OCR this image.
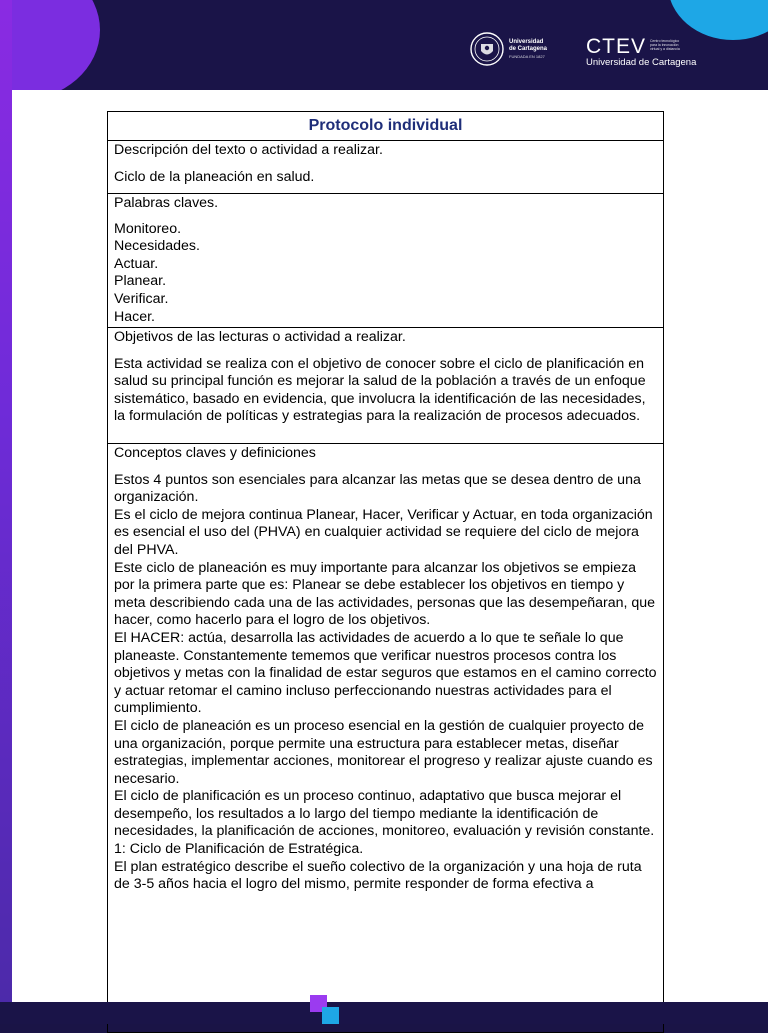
Universidad
de Cartagena
FUNDADA EN 1827 CTEV Centro tecnológico para la innovación virtual y a distancia
Universidad de Cartagena
Protocolo individual

Descripción del texto o actividad a realizar.
Ciclo de la planeación en salud.

Palabras claves.
Monitoreo.
Necesidades.
Actuar.
Planear.
Verificar.
Hacer.

Objetivos de las lecturas o actividad a realizar.
Esta actividad se realiza con el objetivo de conocer sobre el ciclo de planificación en salud su principal función es mejorar la salud de la población a través de un enfoque sistemático, basado en evidencia, que involucra la identificación de las necesidades, la formulación de políticas y estrategias para la realización de procesos adecuados.

Conceptos claves y definiciones
Estos 4 puntos son esenciales para alcanzar las metas que se desea dentro de una organización.
Es el ciclo de mejora continua Planear, Hacer, Verificar y Actuar, en toda organización es esencial el uso del (PHVA) en cualquier actividad se requiere del ciclo de mejora del PHVA.
Este ciclo de planeación es muy importante para alcanzar los objetivos se empieza por la primera parte que es: Planear se debe establecer los objetivos en tiempo y meta describiendo cada una de las actividades, personas que las desempeñaran, que hacer, como hacerlo para el logro de los objetivos.
El HACER: actúa, desarrolla las actividades de acuerdo a lo que te señale lo que planeaste. Constantemente tememos que verificar nuestros procesos contra los objetivos y metas con la finalidad de estar seguros que estamos en el camino correcto y actuar retomar el camino incluso perfeccionando nuestras actividades para el cumplimiento.
El ciclo de planeación es un proceso esencial en la gestión de cualquier proyecto de una organización, porque permite una estructura para establecer metas, diseñar estrategias, implementar acciones, monitorear el progreso y realizar ajuste cuando es necesario.
El ciclo de planificación es un proceso continuo, adaptativo que busca mejorar el desempeño, los resultados a lo largo del tiempo mediante la identificación de necesidades, la planificación de acciones, monitoreo, evaluación y revisión constante.
1: Ciclo de Planificación de Estratégica.
El plan estratégico describe el sueño colectivo de la organización y una hoja de ruta de 3-5 años hacia el logro del mismo, permite responder de forma efectiva a
